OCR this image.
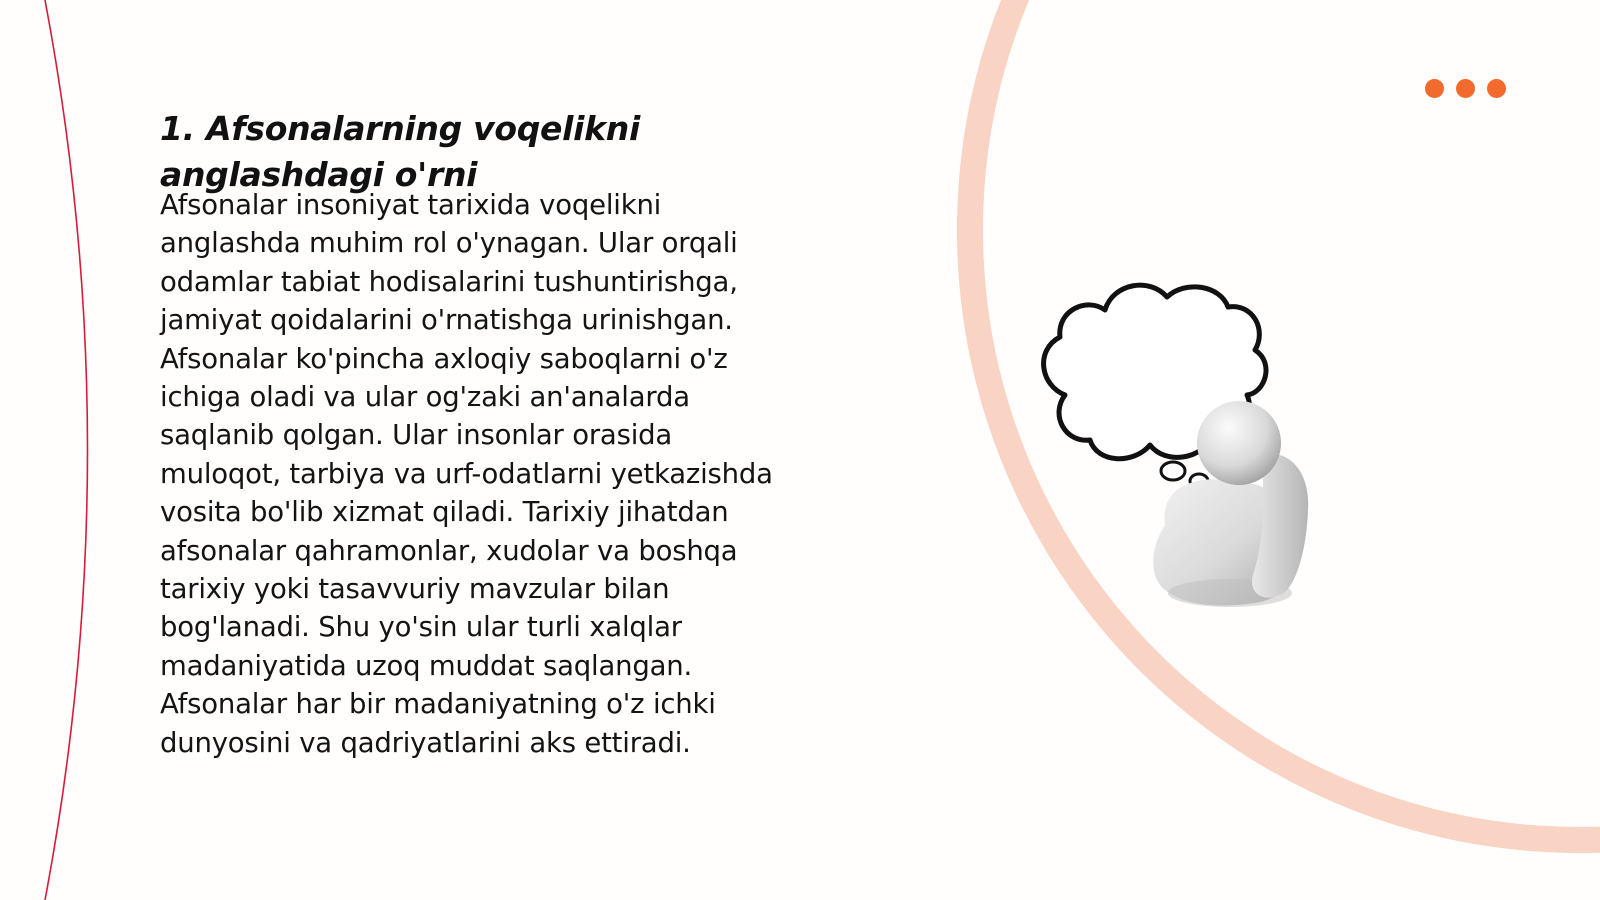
1. Afsonalarning voqelikni anglashdagi o'rni

Afsonalar insoniyat tarixida voqelikni
anglashda muhim rol o'ynagan. Ular orqali
odamlar tabiat hodisalarini tushuntirishga,
jamiyat qoidalarini o'rnatishga urinishgan.
Afsonalar ko'pincha axloqiy saboqlarni o'z
ichiga oladi va ular og'zaki an'analarda
saqlanib qolgan. Ular insonlar orasida
muloqot, tarbiya va urf-odatlarni yetkazishda
vosita bo'lib xizmat qiladi. Tarixiy jihatdan
afsonalar qahramonlar, xudolar va boshqa
tarixiy yoki tasavvuriy mavzular bilan
bog'lanadi. Shu yo'sin ular turli xalqlar
madaniyatida uzoq muddat saqlangan.
Afsonalar har bir madaniyatning o'z ichki
dunyosini va qadriyatlarini aks ettiradi.
